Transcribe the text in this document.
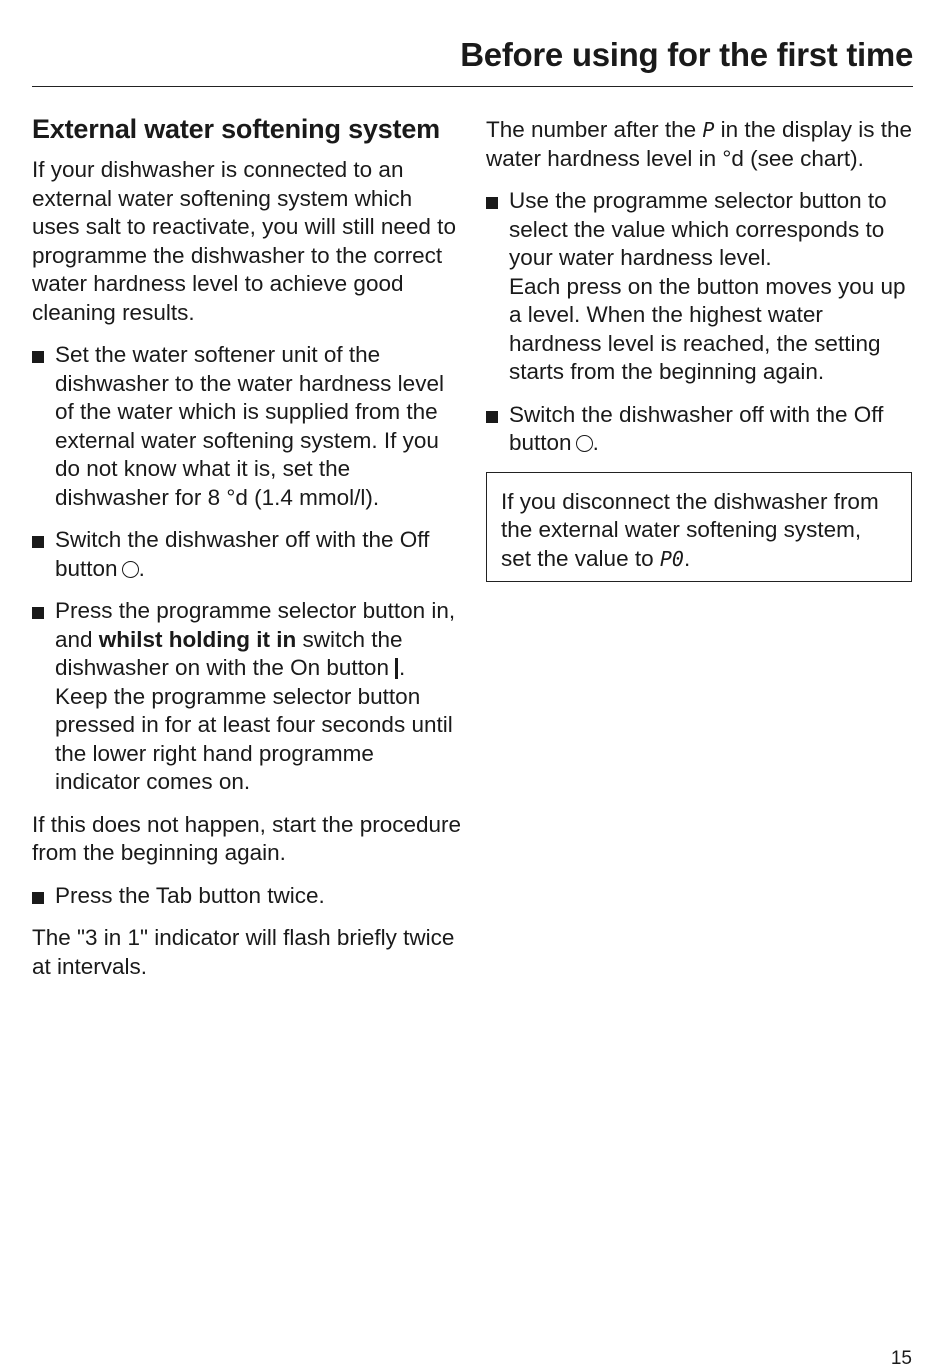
Before using for the first time
External water softening system

If your dishwasher is connected to an external water softening system which uses salt to reactivate, you will still need to programme the dishwasher to the correct water hardness level to achieve good cleaning results.

Set the water softener unit of the dishwasher to the water hardness level of the water which is supplied from the external water softening system. If you do not know what it is, set the dishwasher for 8 °d (1.4 mmol/l).
Switch the dishwasher off with the Off button .
Press the programme selector button in, and whilst holding it in switch the dishwasher on with the On button .
Keep the programme selector button pressed in for at least four seconds until the lower right hand programme indicator comes on.

If this does not happen, start the procedure from the beginning again.

Press the Tab button twice.

The "3 in 1" indicator will flash briefly twice at intervals.

The number after the P in the display is the water hardness level in °d (see chart).

Use the programme selector button to select the value which corresponds to your water hardness level.
Each press on the button moves you up a level. When the highest water hardness level is reached, the setting starts from the beginning again.
Switch the dishwasher off with the Off button .

If you disconnect the dishwasher from the external water softening system, set the value to P0.

15
